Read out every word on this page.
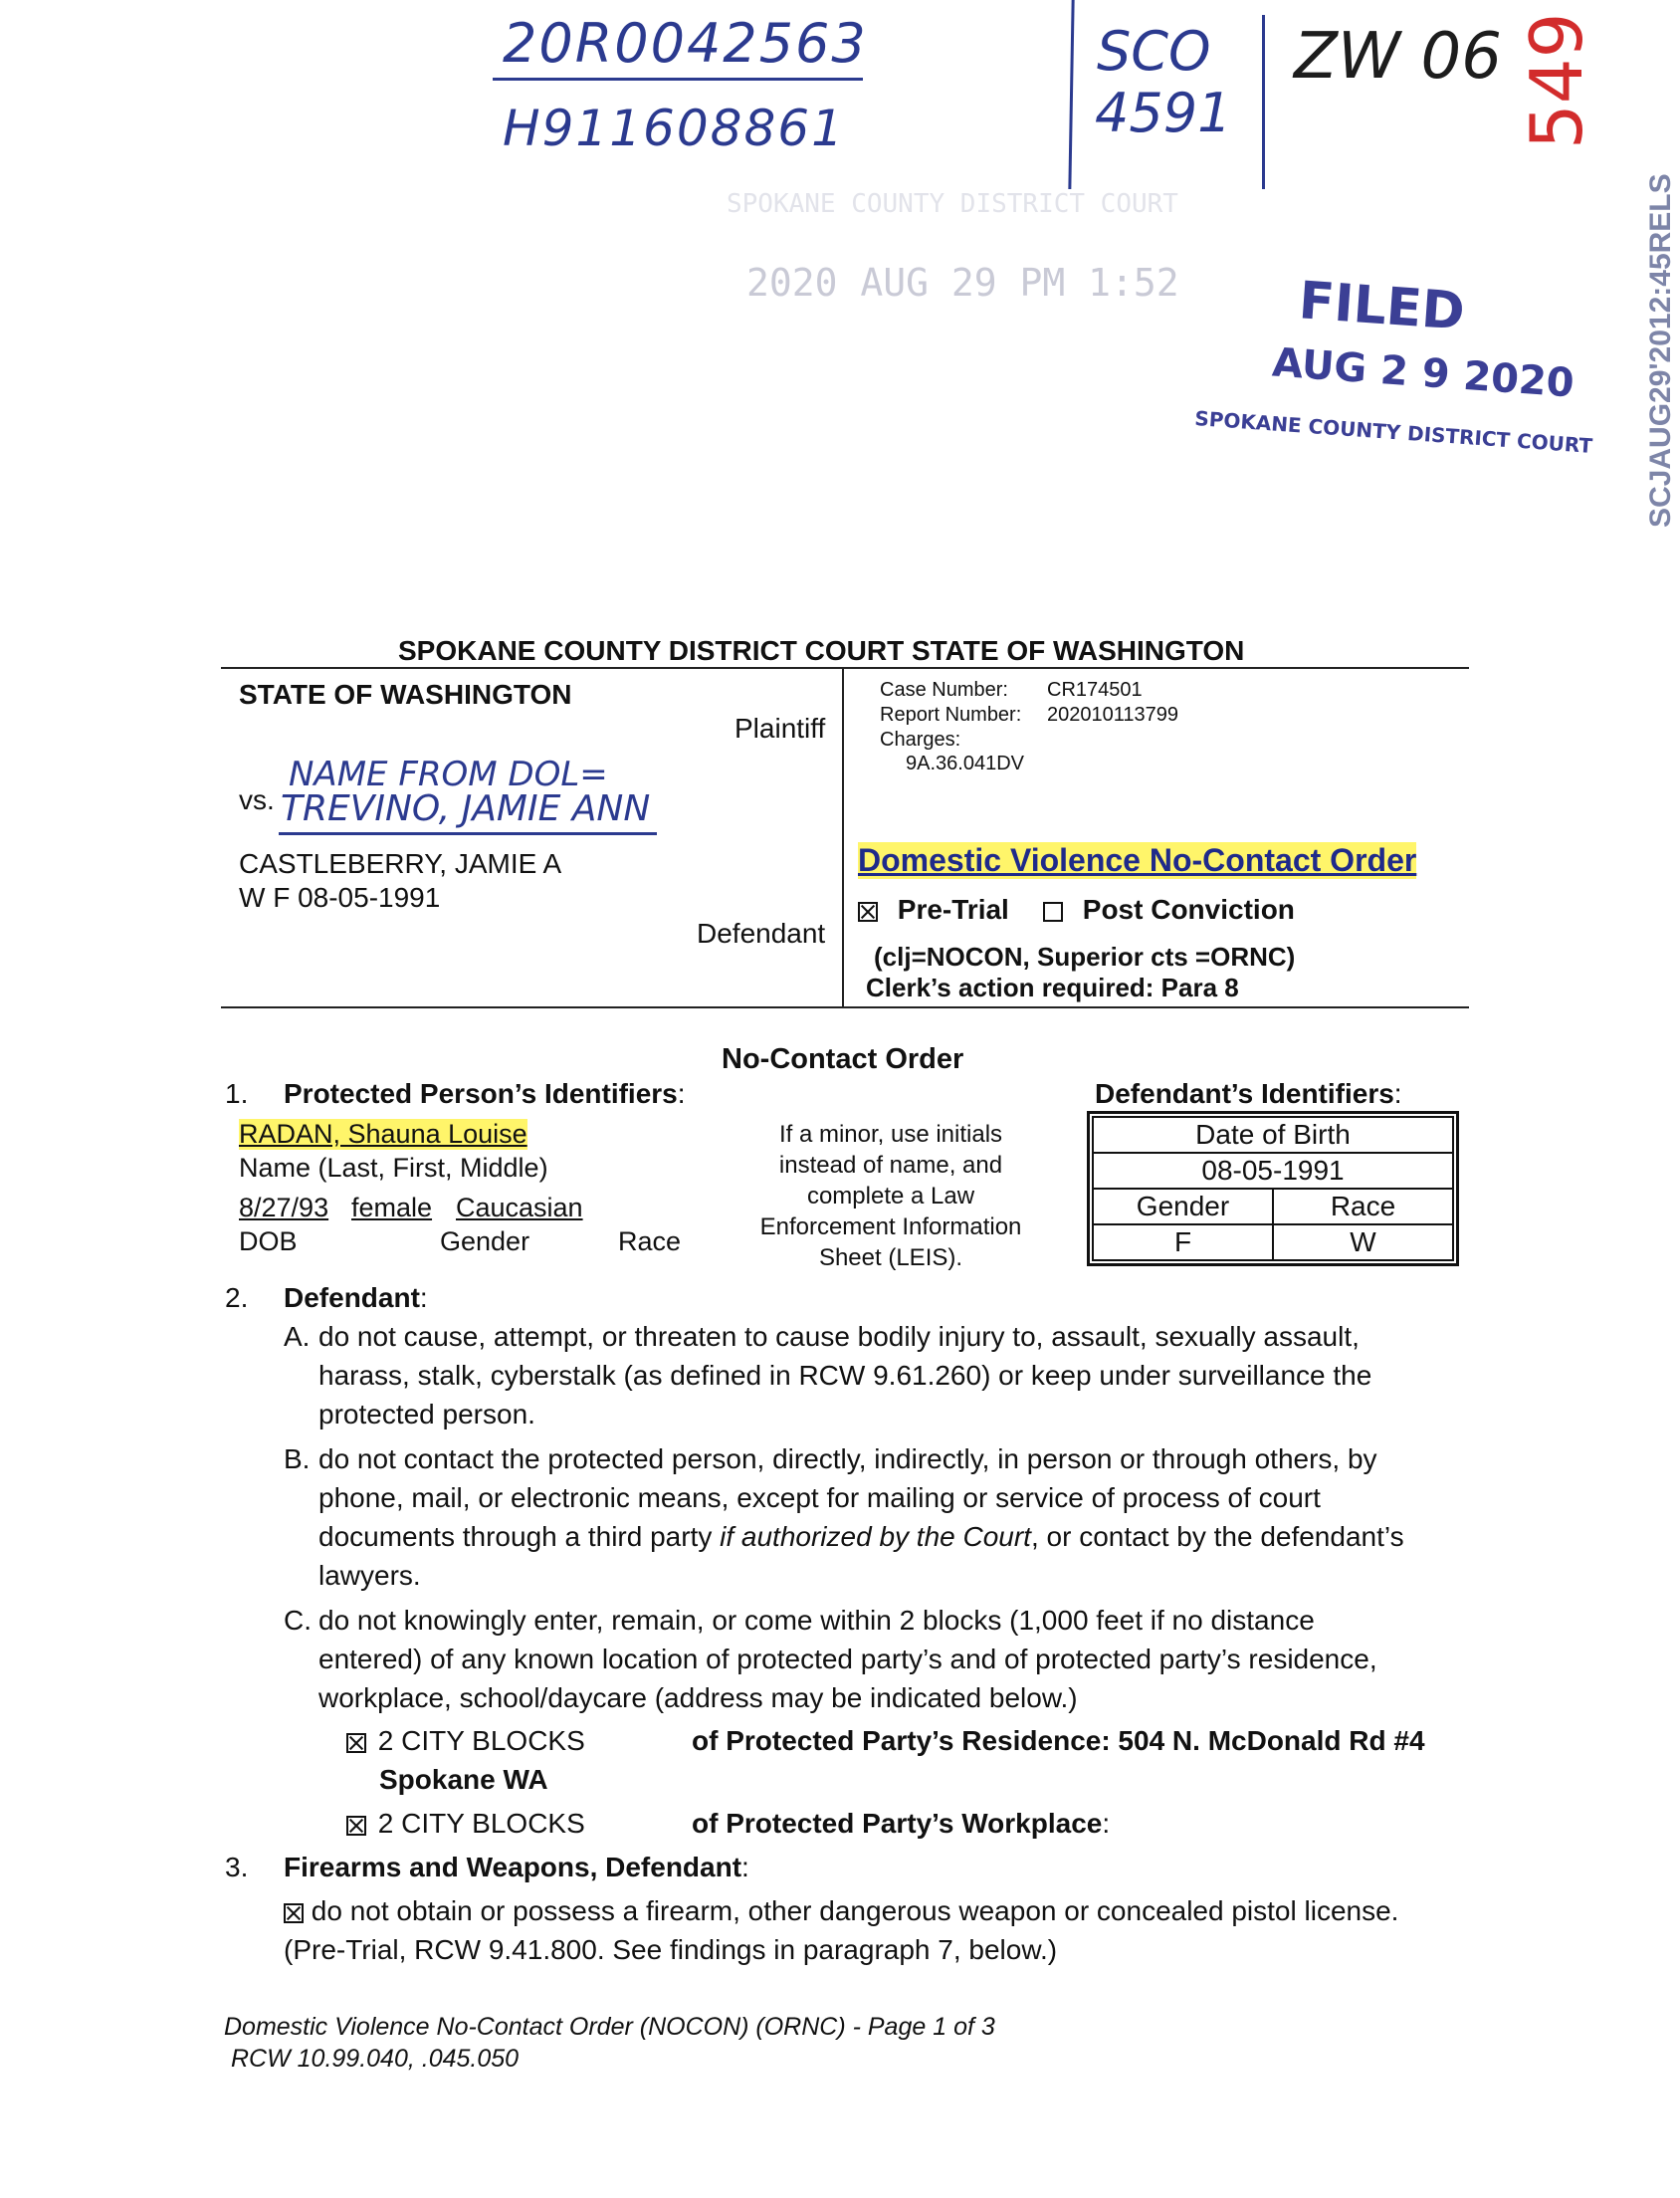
20R0042563
H911608861
SCO
4591
ZW 06 549
SPOKANE COUNTY DISTRICT COURT
2020 AUG 29 PM 1:52 FILED
AUG 2 9 2020
SPOKANE COUNTY DISTRICT COURT SCJAUG29'2012:45RELS
SPOKANE COUNTY DISTRICT COURT STATE OF WASHINGTON
STATE OF WASHINGTON
Plaintiff
vs.
NAME FROM DOL=
TREVINO, JAMIE ANN
CASTLEBERRY, JAMIE A
W F 08-05-1991
Defendant
Case Number: CR174501
Report Number: 202010113799
Charges:
9A.36.041DV
Domestic Violence No-Contact Order
Pre-Trial	Post Conviction
(clj=NOCON, Superior cts =ORNC)
Clerk’s action required: Para 8
No-Contact Order
1. Protected Person’s Identifiers:
RADAN, Shauna Louise
Name (Last, First, Middle)
8/27/93 female Caucasian
DOB	Gender	Race
If a minor, use initials
instead of name, and
complete a Law
Enforcement Information
Sheet (LEIS).
Defendant’s Identifiers:
Date of Birth	
08-05-1991	
Gender	Race
F	W
2. Defendant:
A. do not cause, attempt, or threaten to cause bodily injury to, assault, sexually assault,
harass, stalk, cyberstalk (as defined in RCW 9.61.260) or keep under surveillance the
protected person.
B. do not contact the protected person, directly, indirectly, in person or through others, by
phone, mail, or electronic means, except for mailing or service of process of court
documents through a third party if authorized by the Court, or contact by the defendant’s
lawyers.
C. do not knowingly enter, remain, or come within 2 blocks (1,000 feet if no distance
entered) of any known location of protected party’s and of protected party’s residence,
workplace, school/daycare (address may be indicated below.)
2 CITY BLOCKS	of Protected Party’s Residence: 504 N. McDonald Rd #4
Spokane WA
2 CITY BLOCKS	of Protected Party’s Workplace:
3. Firearms and Weapons, Defendant:
do not obtain or possess a firearm, other dangerous weapon or concealed pistol license.
(Pre-Trial, RCW 9.41.800. See findings in paragraph 7, below.)
Domestic Violence No-Contact Order (NOCON) (ORNC) - Page 1 of 3
RCW 10.99.040, .045.050
